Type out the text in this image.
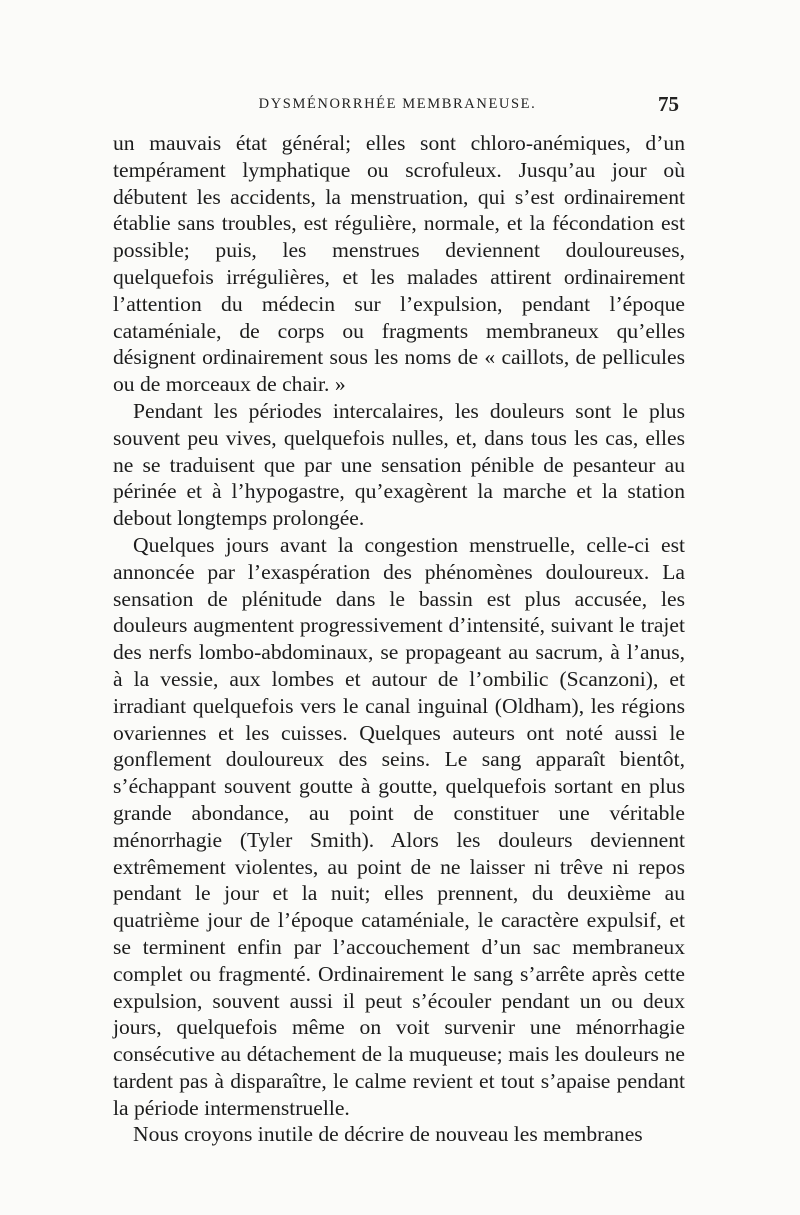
DYSMÉNORRHÉE MEMBRANEUSE.	75

un mauvais état général; elles sont chloro-anémiques, d’un tempérament lymphatique ou scrofuleux. Jusqu’au jour où débutent les accidents, la menstruation, qui s’est ordinairement établie sans troubles, est régulière, normale, et la fécondation est possible; puis, les menstrues deviennent douloureuses, quelquefois irrégulières, et les malades attirent ordinairement l’attention du médecin sur l’expulsion, pendant l’époque cataméniale, de corps ou fragments membraneux qu’elles désignent ordinairement sous les noms de « caillots, de pellicules ou de morceaux de chair. »

Pendant les périodes intercalaires, les douleurs sont le plus souvent peu vives, quelquefois nulles, et, dans tous les cas, elles ne se traduisent que par une sensation pénible de pesanteur au périnée et à l’hypogastre, qu’exagèrent la marche et la station debout longtemps prolongée.

Quelques jours avant la congestion menstruelle, celle-ci est annoncée par l’exaspération des phénomènes douloureux. La sensation de plénitude dans le bassin est plus accusée, les douleurs augmentent progressivement d’intensité, suivant le trajet des nerfs lombo-abdominaux, se propageant au sacrum, à l’anus, à la vessie, aux lombes et autour de l’ombilic (Scanzoni), et irradiant quelquefois vers le canal inguinal (Oldham), les régions ovariennes et les cuisses. Quelques auteurs ont noté aussi le gonflement douloureux des seins. Le sang apparaît bientôt, s’échappant souvent goutte à goutte, quelquefois sortant en plus grande abondance, au point de constituer une véritable ménorrhagie (Tyler Smith). Alors les douleurs deviennent extrêmement violentes, au point de ne laisser ni trêve ni repos pendant le jour et la nuit; elles prennent, du deuxième au quatrième jour de l’époque cataméniale, le caractère expulsif, et se terminent enfin par l’accouchement d’un sac membraneux complet ou fragmenté. Ordinairement le sang s’arrête après cette expulsion, souvent aussi il peut s’écouler pendant un ou deux jours, quelquefois même on voit survenir une ménorrhagie consécutive au détachement de la muqueuse; mais les douleurs ne tardent pas à disparaître, le calme revient et tout s’apaise pendant la période intermenstruelle.

Nous croyons inutile de décrire de nouveau les membranes
